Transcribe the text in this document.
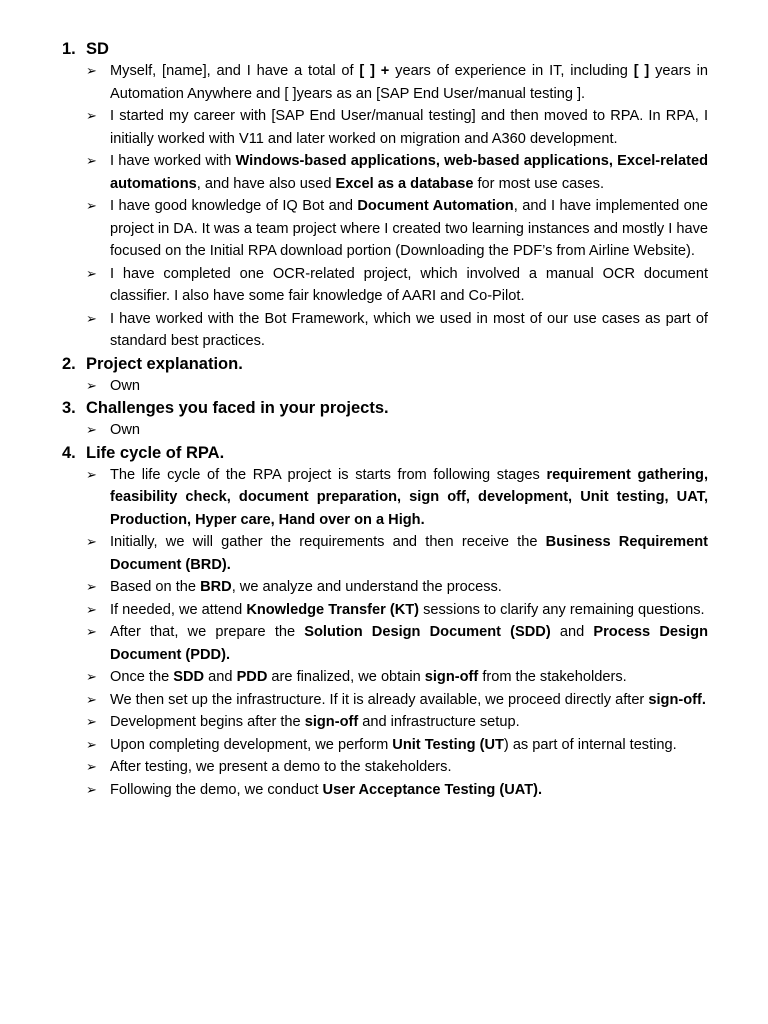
1. SD
➢ Myself, [name], and I have a total of [ ] + years of experience in IT, including [ ] years in Automation Anywhere and [ ]years as an [SAP End User/manual testing ].
➢ I started my career with [SAP End User/manual testing] and then moved to RPA. In RPA, I initially worked with V11 and later worked on migration and A360 development.
➢ I have worked with Windows-based applications, web-based applications, Excel-related automations, and have also used Excel as a database for most use cases.
➢ I have good knowledge of IQ Bot and Document Automation, and I have implemented one project in DA. It was a team project where I created two learning instances and mostly I have focused on the Initial RPA download portion (Downloading the PDF’s from Airline Website).
➢ I have completed one OCR-related project, which involved a manual OCR document classifier. I also have some fair knowledge of AARI and Co-Pilot.
➢ I have worked with the Bot Framework, which we used in most of our use cases as part of standard best practices.
2. Project explanation.
➢ Own
3. Challenges you faced in your projects.
➢ Own
4. Life cycle of RPA.
➢ The life cycle of the RPA project is starts from following stages requirement gathering, feasibility check, document preparation, sign off, development, Unit testing, UAT, Production, Hyper care, Hand over on a High.
➢ Initially, we will gather the requirements and then receive the Business Requirement Document (BRD).
➢ Based on the BRD, we analyze and understand the process.
➢ If needed, we attend Knowledge Transfer (KT) sessions to clarify any remaining questions.
➢ After that, we prepare the Solution Design Document (SDD) and Process Design Document (PDD).
➢ Once the SDD and PDD are finalized, we obtain sign-off from the stakeholders.
➢ We then set up the infrastructure. If it is already available, we proceed directly after sign-off.
➢ Development begins after the sign-off and infrastructure setup.
➢ Upon completing development, we perform Unit Testing (UT) as part of internal testing.
➢ After testing, we present a demo to the stakeholders.
➢ Following the demo, we conduct User Acceptance Testing (UAT).
